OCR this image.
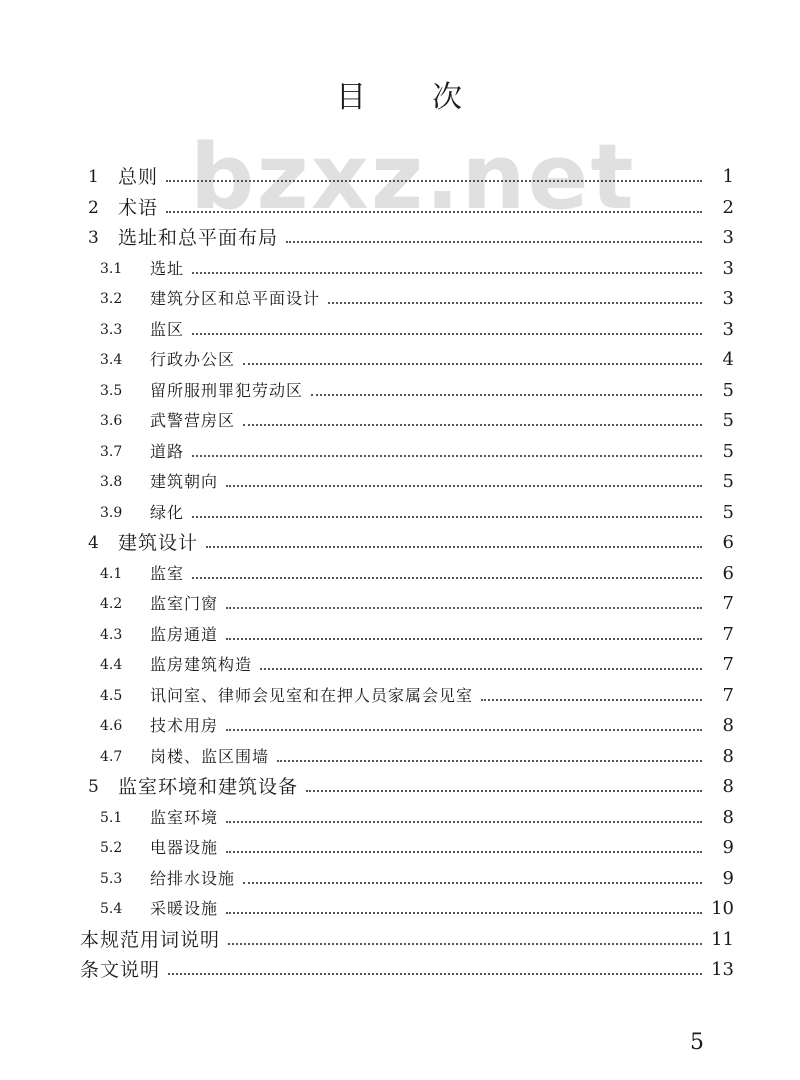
目 次
bzxz.net
1 总则	1
2 术语	2
3 选址和总平面布局	3
3.1 选址	3
3.2 建筑分区和总平面设计	3
3.3 监区	3
3.4 行政办公区	4
3.5 留所服刑罪犯劳动区	5
3.6 武警营房区	5
3.7 道路	5
3.8 建筑朝向	5
3.9 绿化	5
4 建筑设计	6
4.1 监室	6
4.2 监室门窗	7
4.3 监房通道	7
4.4 监房建筑构造	7
4.5 讯问室、律师会见室和在押人员家属会见室	7
4.6 技术用房	8
4.7 岗楼、监区围墙	8
5 监室环境和建筑设备	8
5.1 监室环境	8
5.2 电器设施	9
5.3 给排水设施	9
5.4 采暖设施	10
本规范用词说明	11
条文说明	13
5
